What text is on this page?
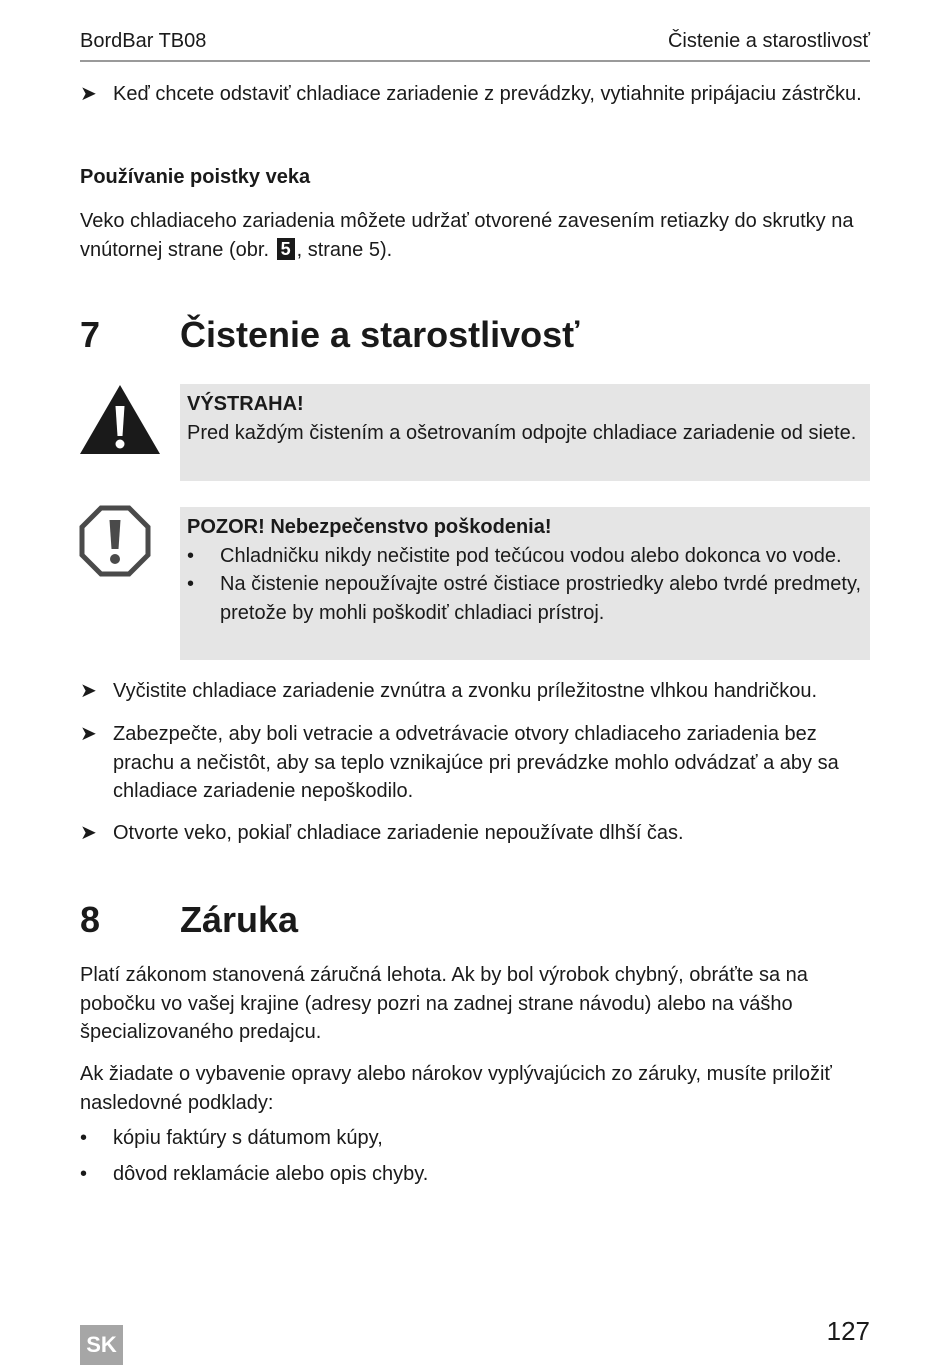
BordBar TB08	Čistenie a starostlivosť
➤ Keď chcete odstaviť chladiace zariadenie z prevádzky, vytiahnite pripájaciu zástrčku.
Používanie poistky veka
Veko chladiaceho zariadenia môžete udržať otvorené zavesením retiazky do skrutky na vnútornej strane (obr. 5 , strane 5).
7 Čistenie a starostlivosť
VÝSTRAHA!
Pred každým čistením a ošetrovaním odpojte chladiace zariadenie od siete.
POZOR! Nebezpečenstvo poškodenia!
• Chladničku nikdy nečistite pod tečúcou vodou alebo dokonca vo vode.
• Na čistenie nepoužívajte ostré čistiace prostriedky alebo tvrdé predmety, pretože by mohli poškodiť chladiaci prístroj.
➤ Vyčistite chladiace zariadenie zvnútra a zvonku príležitostne vlhkou handričkou.
➤ Zabezpečte, aby boli vetracie a odvetrávacie otvory chladiaceho zariadenia bez prachu a nečistôt, aby sa teplo vznikajúce pri prevádzke mohlo odvádzať a aby sa chladiace zariadenie nepoškodilo.
➤ Otvorte veko, pokiaľ chladiace zariadenie nepoužívate dlhší čas.
8 Záruka
Platí zákonom stanovená záručná lehota. Ak by bol výrobok chybný, obráťte sa na pobočku vo vašej krajine (adresy pozri na zadnej strane návodu) alebo na vášho špecializovaného predajcu.
Ak žiadate o vybavenie opravy alebo nárokov vyplývajúcich zo záruky, musíte priložiť nasledovné podklady:
• kópiu faktúry s dátumom kúpy,
• dôvod reklamácie alebo opis chyby.
SK	127
